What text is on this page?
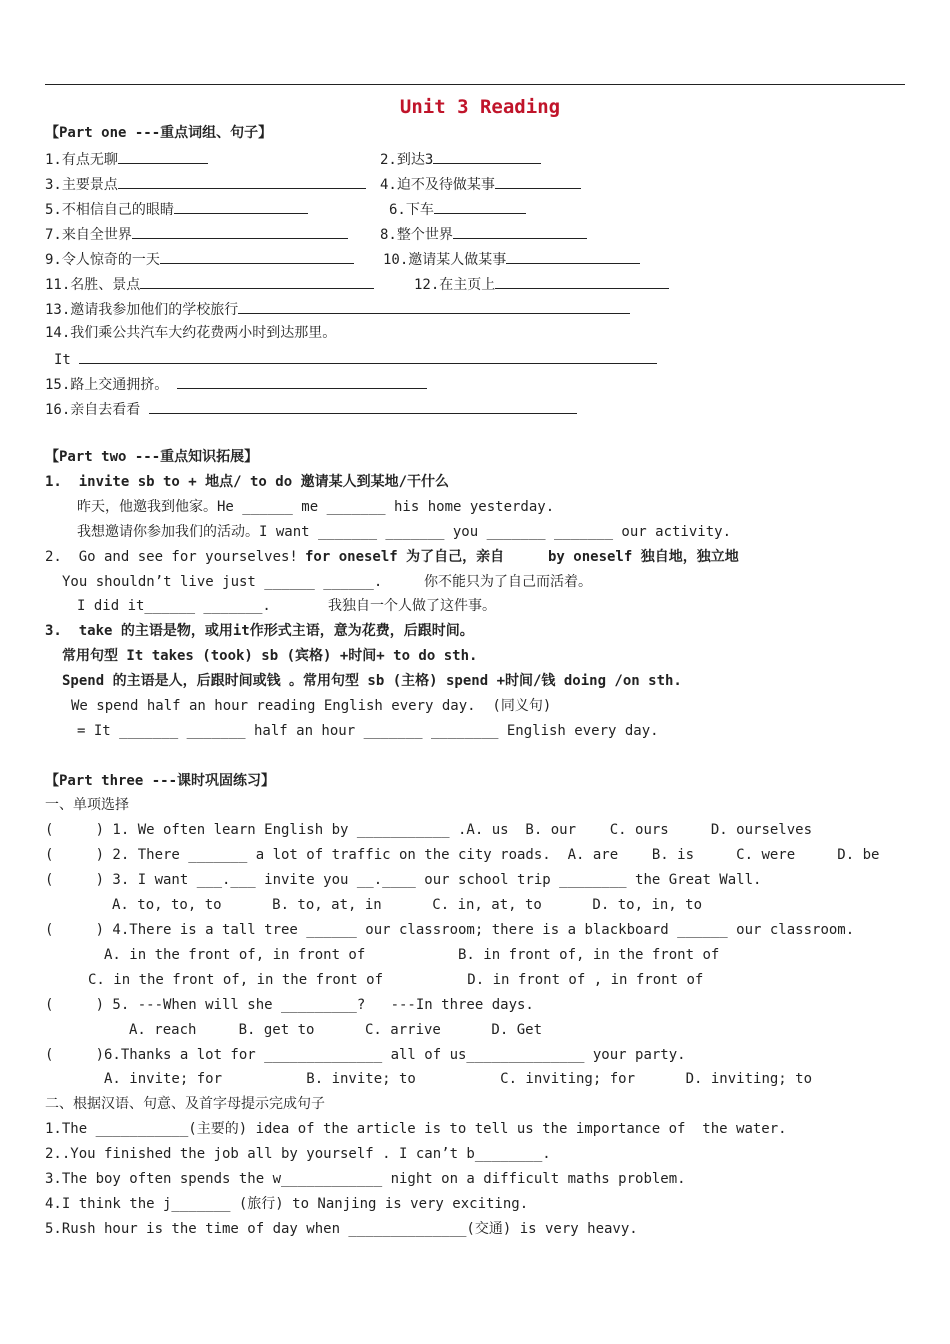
Unit 3 Reading
【Part one ---重点词组、句子】
1.有点无聊	2.到达3
3.主要景点	4.迫不及待做某事
5.不相信自己的眼睛	6.下车
7.来自全世界	8.整个世界
9.令人惊奇的一天	10.邀请某人做某事
11.名胜、景点	12.在主页上
13.邀请我参加他们的学校旅行
14.我们乘公共汽车大约花费两小时到达那里。
It
15.路上交通拥挤。
16.亲自去看看
【Part two ---重点知识拓展】
1.  invite sb to + 地点/ to do 邀请某人到某地/干什么
昨天，他邀我到他家。He ______ me _______ his home yesterday.
我想邀请你参加我们的活动。I want _______ _______ you _______ _______ our activity.
2.  Go and see for yourselves! for oneself 为了自己，亲自	by oneself 独自地，独立地
You shouldn’t live just ______ ______.	你不能只为了自己而活着。
I did it______ _______.	我独自一个人做了这件事。
3.  take 的主语是物，或用it作形式主语，意为花费，后跟时间。
常用句型 It takes (took) sb (宾格) +时间+ to do sth.
Spend 的主语是人，后跟时间或钱 。常用句型 sb (主格) spend +时间/钱 doing /on sth.
We spend half an hour reading English every day.  (同义句)
= It _______ _______ half an hour _______ ________ English every day.
【Part three ---课时巩固练习】
一、单项选择
(     ) 1. We often learn English by ___________ .A. us  B. our    C. ours     D. ourselves
(     ) 2. There _______ a lot of traffic on the city roads.  A. are    B. is     C. were     D. be
(     ) 3. I want ___.___ invite you __.____ our school trip ________ the Great Wall.
A. to, to, to      B. to, at, in      C. in, at, to      D. to, in, to
(     ) 4.There is a tall tree ______ our classroom; there is a blackboard ______ our classroom.
A. in the front of, in front of           B. in front of, in the front of
C. in the front of, in the front of          D. in front of , in front of
(     ) 5. ---When will she _________?   ---In three days.
A. reach     B. get to      C. arrive      D. Get
(     )6.Thanks a lot for ______________ all of us______________ your party.
A. invite; for          B. invite; to          C. inviting; for      D. inviting; to
二、根据汉语、句意、及首字母提示完成句子
1.The ___________(主要的) idea of the article is to tell us the importance of  the water.
2..You finished the job all by yourself . I can’t b________.
3.The boy often spends the w____________ night on a difficult maths problem.
4.I think the j_______ (旅行) to Nanjing is very exciting.
5.Rush hour is the time of day when ______________(交通) is very heavy.
